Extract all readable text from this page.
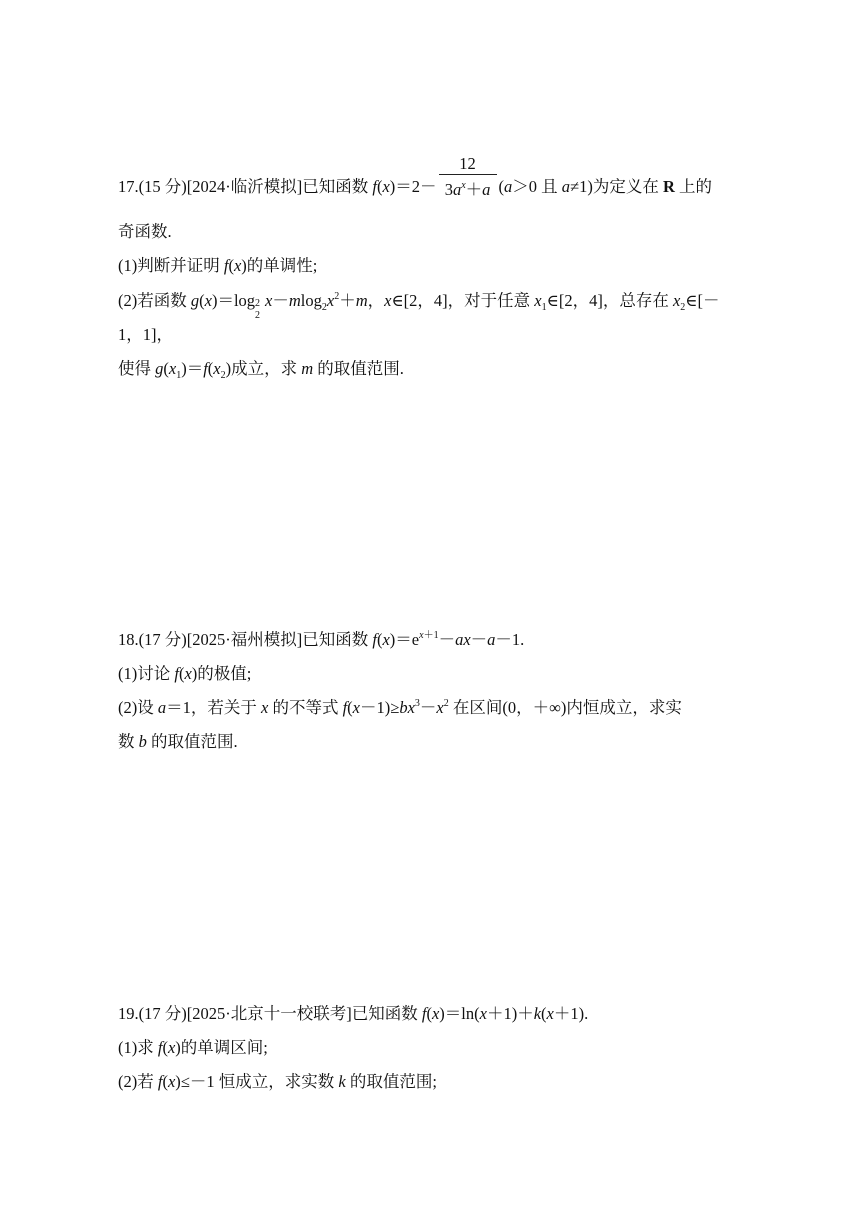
17.(15 分)[2024·临沂模拟]已知函数 $f(x)=2- \frac{12}{3a^x+a} (a>0$ 且 a≠1)为定义在 R 上的
奇函数.
(1)判断并证明 f(x)的单调性;
(2)若函数 g(x)＝log 2
2
$x-mlog_2x^2+m$，x∈[2，4]，对于任意 $x_1\in[2$，4]，总存在 $x_2\in[-$
1，1]，
使得 $g(x_1)=f(x_2)$成立，求 m 的取值范围.
18.(17 分)[2025·福州模拟]已知函数 $f(x)=e^{x+1}-ax-a-1$.
(1)讨论 f(x)的极值;
(2)设 a＝1，若关于 x 的不等式 $f(x-1)\ge bx^3-x^2$ 在区间(0，＋∞)内恒成立，求实
数 b 的取值范围.
19.(17 分)[2025·北京十一校联考]已知函数 f(x)＝ln(x＋1)＋k(x＋1).
(1)求 f(x)的单调区间;
(2)若 f(x)≤－1 恒成立，求实数 k 的取值范围;
